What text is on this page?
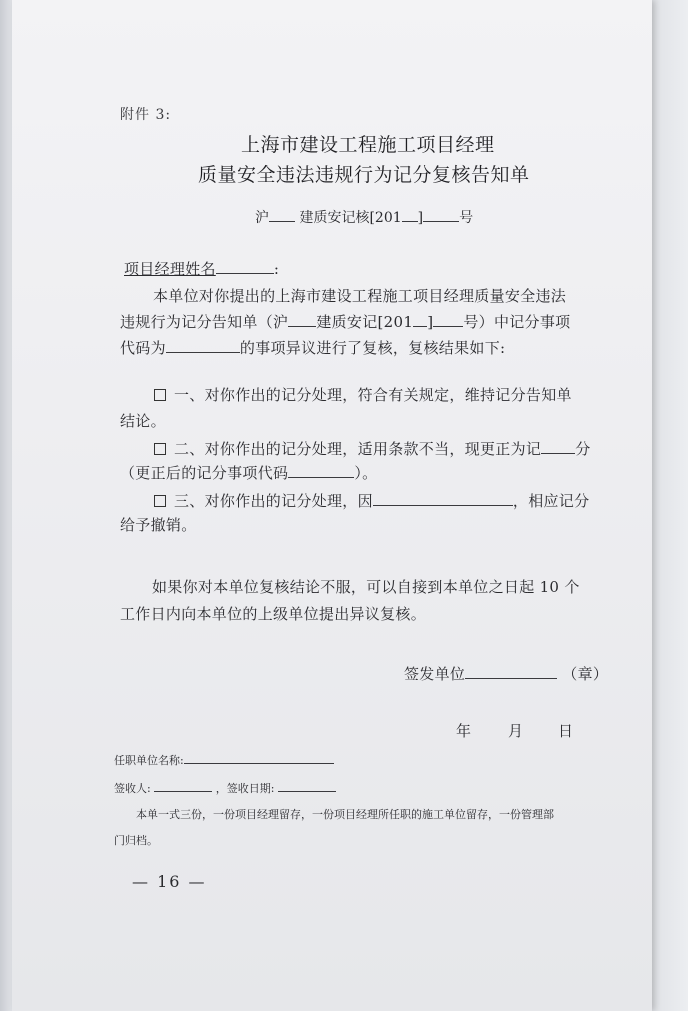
附件 3:
上海市建设工程施工项目经理
质量安全违法违规行为记分复核告知单
沪 建质安记核[201 ]	号
项目经理姓名	:
本单位对你提出的上海市建设工程施工项目经理质量安全违法
违规行为记分告知单（沪 建质安记[201 ] 号）中记分事项
代码为	的事项异议进行了复核，复核结果如下:
一、对你作出的记分处理，符合有关规定，维持记分告知单
结论。
二、对你作出的记分处理，适用条款不当，现更正为记 分
（更正后的记分事项代码	）。
三、对你作出的记分处理，因	，相应记分
给予撤销。
如果你对本单位复核结论不服，可以自接到本单位之日起 10 个
工作日内向本单位的上级单位提出异议复核。
签发单位	（章）
年 月 日
任职单位名称:
签收人:	，签收日期:
本单一式三份，一份项目经理留存，一份项目经理所任职的施工单位留存，一份管理部
门归档。
— 16 —
